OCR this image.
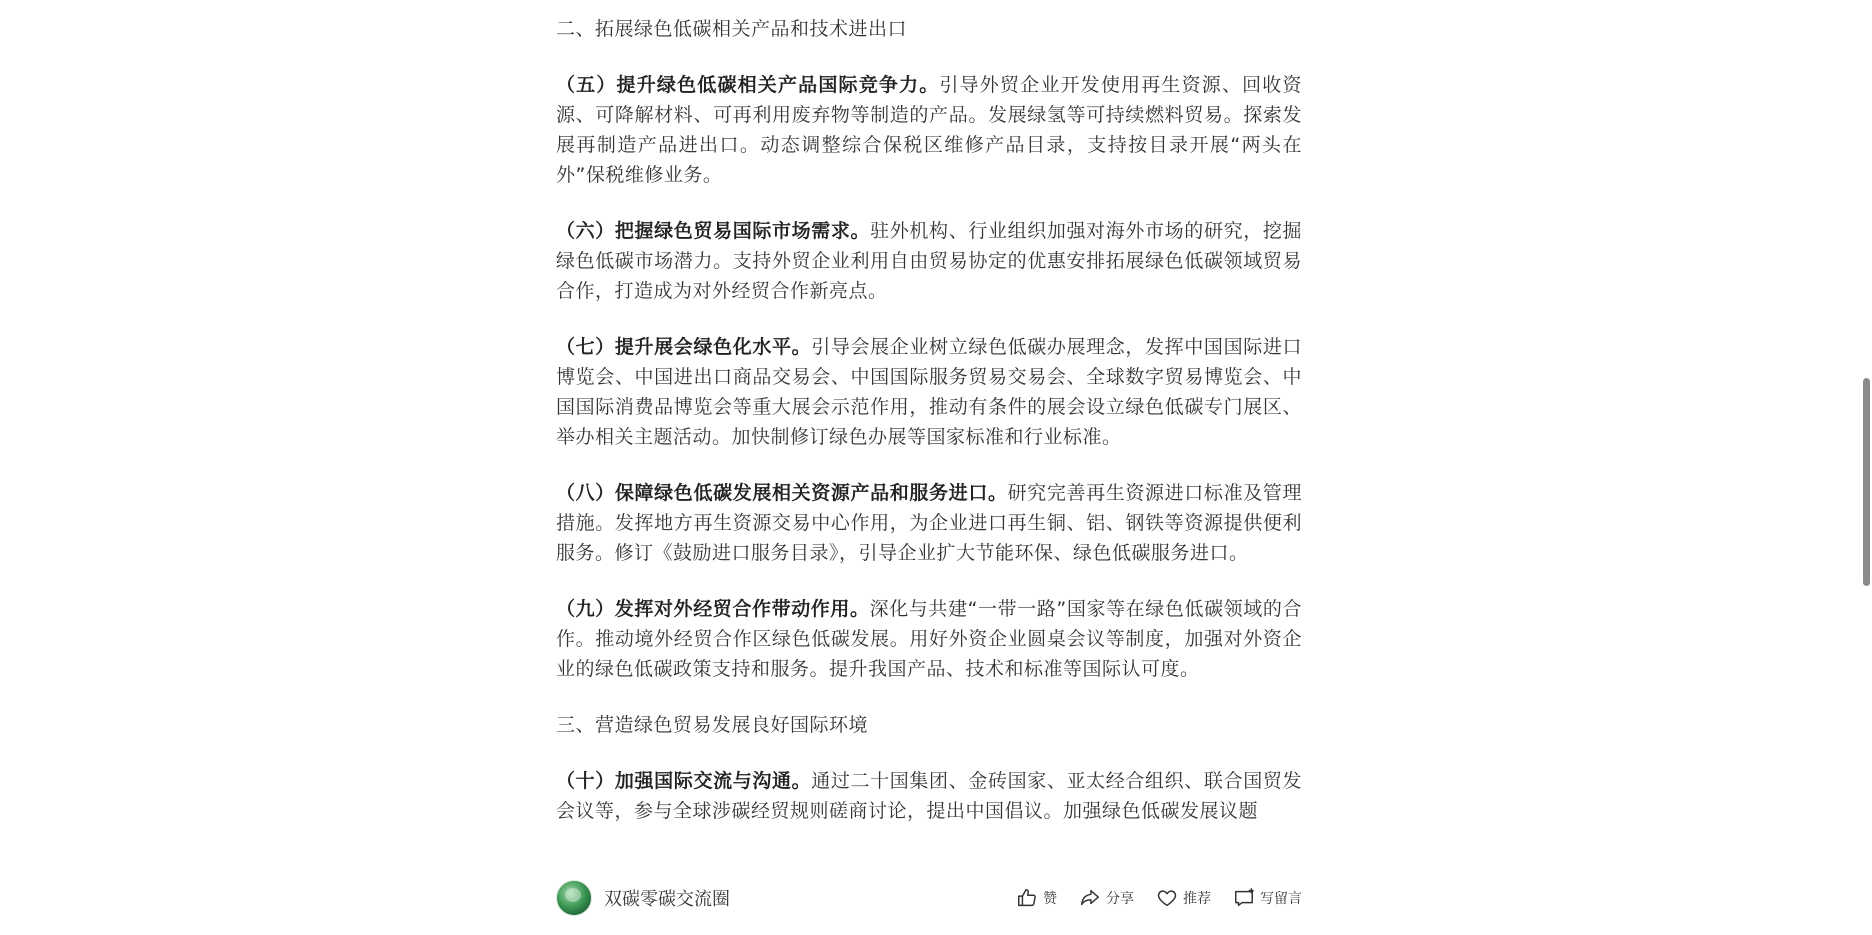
二、拓展绿色低碳相关产品和技术进出口
（五）提升绿色低碳相关产品国际竞争力。引导外贸企业开发使用再生资源、回收资源、可降解材料、可再利用废弃物等制造的产品。发展绿氢等可持续燃料贸易。探索发展再制造产品进出口。动态调整综合保税区维修产品目录，支持按目录开展“两头在外”保税维修业务。
（六）把握绿色贸易国际市场需求。驻外机构、行业组织加强对海外市场的研究，挖掘绿色低碳市场潜力。支持外贸企业利用自由贸易协定的优惠安排拓展绿色低碳领域贸易合作，打造成为对外经贸合作新亮点。
（七）提升展会绿色化水平。引导会展企业树立绿色低碳办展理念，发挥中国国际进口博览会、中国进出口商品交易会、中国国际服务贸易交易会、全球数字贸易博览会、中国国际消费品博览会等重大展会示范作用，推动有条件的展会设立绿色低碳专门展区、举办相关主题活动。加快制修订绿色办展等国家标准和行业标准。
（八）保障绿色低碳发展相关资源产品和服务进口。研究完善再生资源进口标准及管理措施。发挥地方再生资源交易中心作用，为企业进口再生铜、铝、钢铁等资源提供便利服务。修订《鼓励进口服务目录》，引导企业扩大节能环保、绿色低碳服务进口。
（九）发挥对外经贸合作带动作用。深化与共建“一带一路”国家等在绿色低碳领域的合作。推动境外经贸合作区绿色低碳发展。用好外资企业圆桌会议等制度，加强对外资企业的绿色低碳政策支持和服务。提升我国产品、技术和标准等国际认可度。
三、营造绿色贸易发展良好国际环境
（十）加强国际交流与沟通。通过二十国集团、金砖国家、亚太经合组织、联合国贸发会议等，参与全球涉碳经贸规则磋商讨论，提出中国倡议。加强绿色低碳发展议题
双碳零碳交流圈	赞	分享	推荐	写留言
